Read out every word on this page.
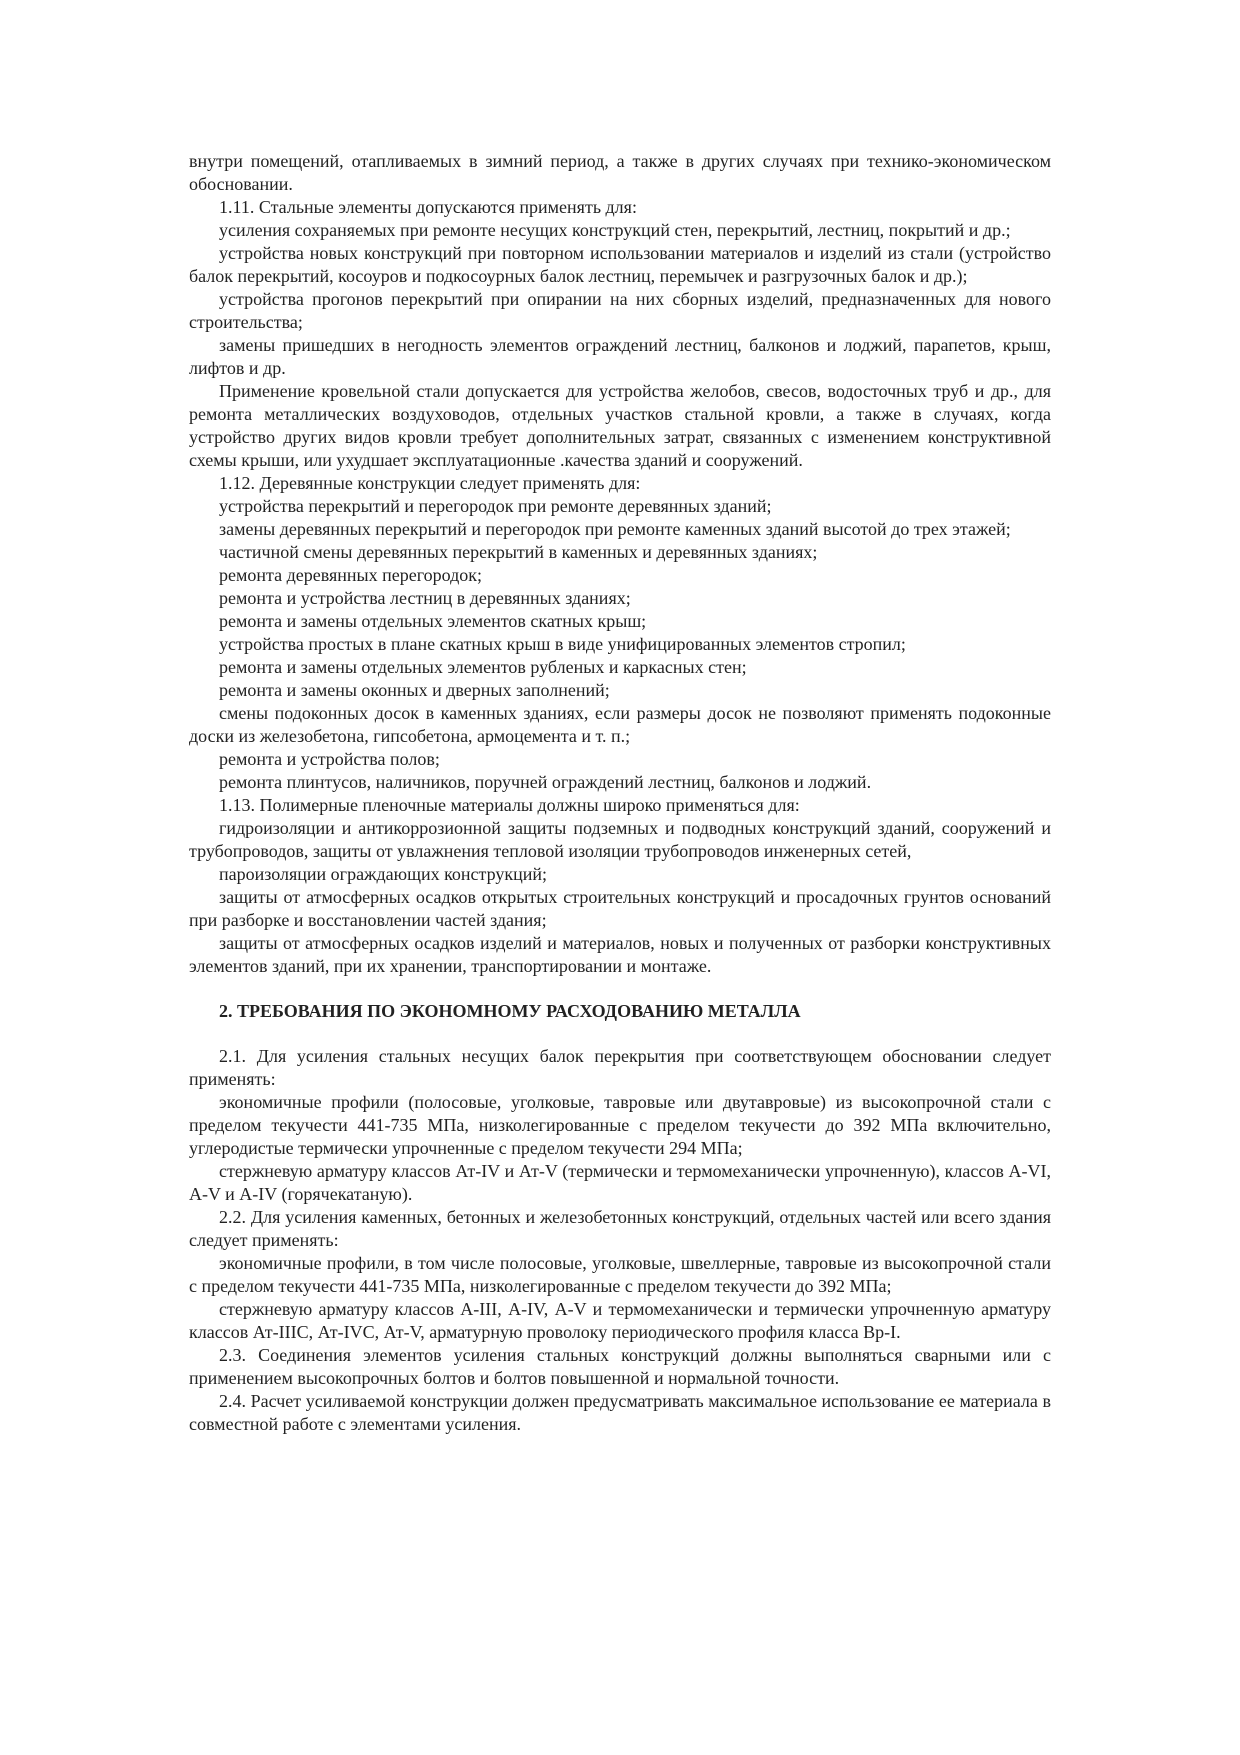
внутри помещений, отапливаемых в зимний период, а также в других случаях при технико-экономическом обосновании.

1.11. Стальные элементы допускаются применять для:

усиления сохраняемых при ремонте несущих конструкций стен, перекрытий, лестниц, покрытий и др.;

устройства новых конструкций при повторном использовании материалов и изделий из стали (устройство балок перекрытий, косоуров и подкосоурных балок лестниц, перемычек и разгрузочных балок и др.);

устройства прогонов перекрытий при опирании на них сборных изделий, предназначенных для нового строительства;

замены пришедших в негодность элементов ограждений лестниц, балконов и лоджий, парапетов, крыш, лифтов и др.

Применение кровельной стали допускается для устройства желобов, свесов, водосточных труб и др., для ремонта металлических воздуховодов, отдельных участков стальной кровли, а также в случаях, когда устройство других видов кровли требует дополнительных затрат, связанных с изменением конструктивной схемы крыши, или ухудшает эксплуатационные .качества зданий и сооружений.

1.12. Деревянные конструкции следует применять для:

устройства перекрытий и перегородок при ремонте деревянных зданий;

замены деревянных перекрытий и перегородок при ремонте каменных зданий высотой до трех этажей;

частичной смены деревянных перекрытий в каменных и деревянных зданиях;

ремонта деревянных перегородок;

ремонта и устройства лестниц в деревянных зданиях;

ремонта и замены отдельных элементов скатных крыш;

устройства простых в плане скатных крыш в виде унифицированных элементов стропил;

ремонта и замены отдельных элементов рубленых и каркасных стен;

ремонта и замены оконных и дверных заполнений;

смены подоконных досок в каменных зданиях, если размеры досок не позволяют применять подоконные доски из железобетона, гипсобетона, армоцемента и т. п.;

ремонта и устройства полов;

ремонта плинтусов, наличников, поручней ограждений лестниц, балконов и лоджий.

1.13. Полимерные пленочные материалы должны широко применяться для:

гидроизоляции и антикоррозионной защиты подземных и подводных конструкций зданий, сооружений и трубопроводов, защиты от увлажнения тепловой изоляции трубопроводов инженерных сетей,

пароизоляции ограждающих конструкций;

защиты от атмосферных осадков открытых строительных конструкций и просадочных грунтов оснований при разборке и восстановлении частей здания;

защиты от атмосферных осадков изделий и материалов, новых и полученных от разборки конструктивных элементов зданий, при их хранении, транспортировании и монтаже.

2. ТРЕБОВАНИЯ ПО ЭКОНОМНОМУ РАСХОДОВАНИЮ МЕТАЛЛА

2.1. Для усиления стальных несущих балок перекрытия при соответствующем обосновании следует применять:

экономичные профили (полосовые, уголковые, тавровые или двутавровые) из высокопрочной стали с пределом текучести 441-735 МПа, низколегированные с пределом текучести до 392 МПа включительно, углеродистые термически упрочненные с пределом текучести 294 МПа;

стержневую арматуру классов Ат-IV и Ат-V (термически и термомеханически упрочненную), классов А-VI, А-V и А-IV (горячекатаную).

2.2. Для усиления каменных, бетонных и железобетонных конструкций, отдельных частей или всего здания следует применять:

экономичные профили, в том числе полосовые, уголковые, швеллерные, тавровые из высокопрочной стали с пределом текучести 441-735 МПа, низколегированные с пределом текучести до 392 МПа;

стержневую арматуру классов А-III, А-IV, А-V и термомеханически и термически упрочненную арматуру классов Ат-IIIС, Ат-IVС, Ат-V, арматурную проволоку периодического профиля класса Вр-I.

2.3. Соединения элементов усиления стальных конструкций должны выполняться сварными или с применением высокопрочных болтов и болтов повышенной и нормальной точности.

2.4. Расчет усиливаемой конструкции должен предусматривать максимальное использование ее материала в совместной работе с элементами усиления.
